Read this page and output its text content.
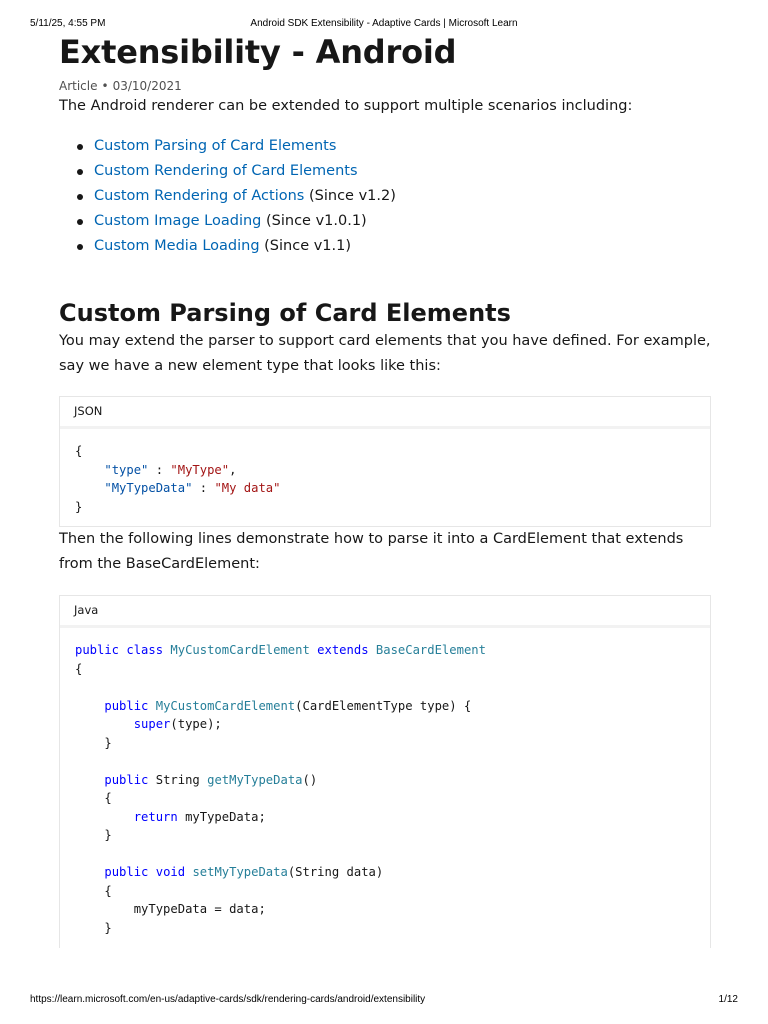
5/11/25, 4:55 PM	Android SDK Extensibility - Adaptive Cards | Microsoft Learn
Extensibility - Android
Article • 03/10/2021

The Android renderer can be extended to support multiple scenarios including:

Custom Parsing of Card Elements
Custom Rendering of Card Elements
Custom Rendering of Actions (Since v1.2)
Custom Image Loading (Since v1.0.1)
Custom Media Loading (Since v1.1)
Custom Parsing of Card Elements

You may extend the parser to support card elements that you have defined. For example, say we have a new element type that looks like this:

JSON
{
"type" : "MyType",
"MyTypeData" : "My data"
}

Then the following lines demonstrate how to parse it into a CardElement that extends from the BaseCardElement:

Java
public class MyCustomCardElement extends BaseCardElement
{

public MyCustomCardElement(CardElementType type) {
super(type);
}

public String getMyTypeData()
{
return myTypeData;
}

public void setMyTypeData(String data)
{
myTypeData = data;
}
https://learn.microsoft.com/en-us/adaptive-cards/sdk/rendering-cards/android/extensibility	1/12
